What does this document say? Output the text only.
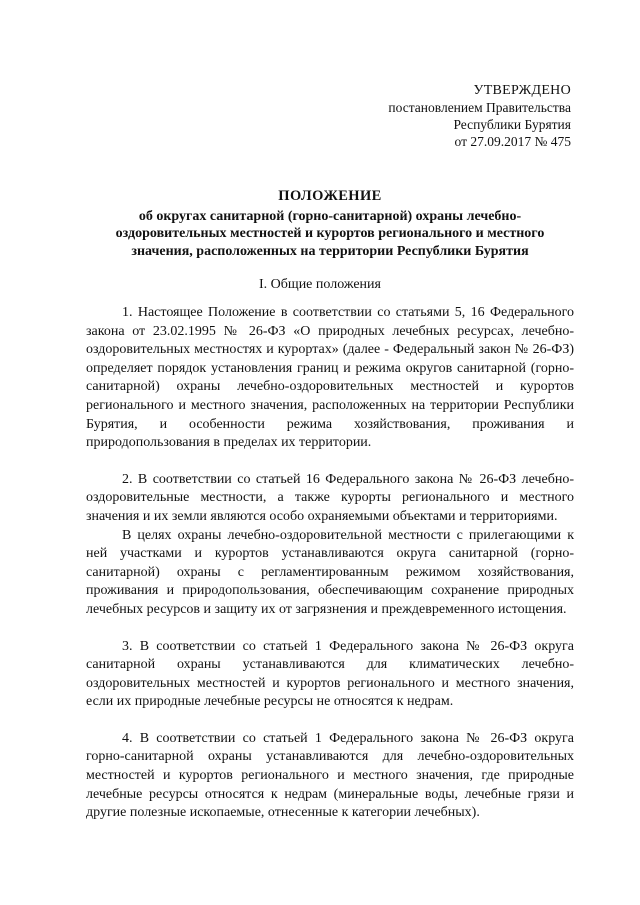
УТВЕРЖДЕНО
постановлением Правительства
Республики Бурятия
от 27.09.2017 № 475
ПОЛОЖЕНИЕ
об округах санитарной (горно-санитарной) охраны лечебно-оздоровительных местностей и курортов регионального и местного значения, расположенных на территории Республики Бурятия
I. Общие положения

1. Настоящее Положение в соответствии со статьями 5, 16 Федерального закона от 23.02.1995 № 26-ФЗ «О природных лечебных ресурсах, лечебно-оздоровительных местностях и курортах» (далее - Федеральный закон № 26-ФЗ) определяет порядок установления границ и режима округов санитарной (горно-санитарной) охраны лечебно-оздоровительных местностей и курортов регионального и местного значения, расположенных на территории Республики Бурятия, и особенности режима хозяйствования, проживания и природопользования в пределах их территории.

2. В соответствии со статьей 16 Федерального закона № 26-ФЗ лечебно-оздоровительные местности, а также курорты регионального и местного значения и их земли являются особо охраняемыми объектами и территориями.

В целях охраны лечебно-оздоровительной местности с прилегающими к ней участками и курортов устанавливаются округа санитарной (горно-санитарной) охраны с регламентированным режимом хозяйствования, проживания и природопользования, обеспечивающим сохранение природных лечебных ресурсов и защиту их от загрязнения и преждевременного истощения.

3. В соответствии со статьей 1 Федерального закона № 26-ФЗ округа санитарной охраны устанавливаются для климатических лечебно-оздоровительных местностей и курортов регионального и местного значения, если их природные лечебные ресурсы не относятся к недрам.

4. В соответствии со статьей 1 Федерального закона № 26-ФЗ округа горно-санитарной охраны устанавливаются для лечебно-оздоровительных местностей и курортов регионального и местного значения, где природные лечебные ресурсы относятся к недрам (минеральные воды, лечебные грязи и другие полезные ископаемые, отнесенные к категории лечебных).
